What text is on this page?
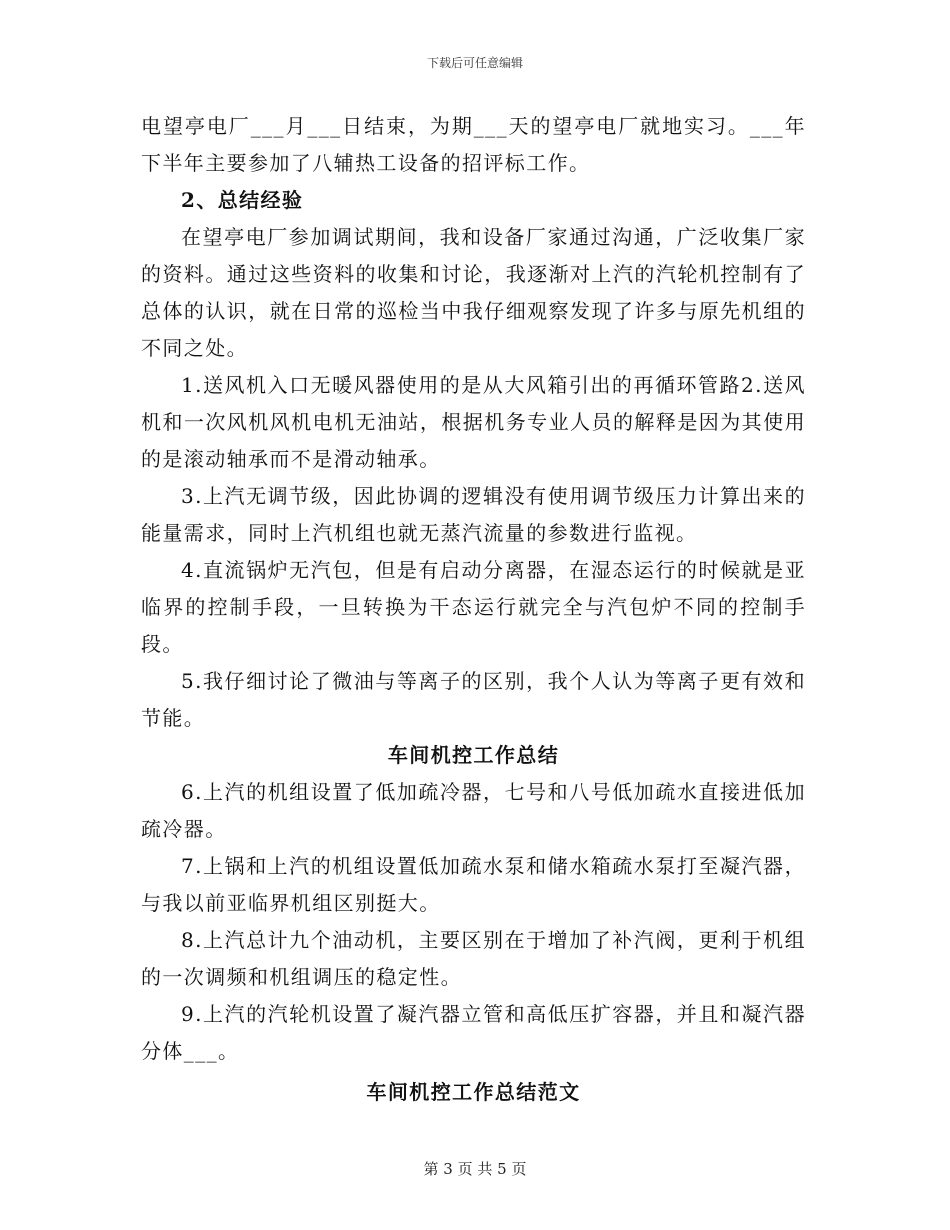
下载后可任意编辑

电望亭电厂___月___日结束，为期___天的望亭电厂就地实习。___年下半年主要参加了八辅热工设备的招评标工作。

2、总结经验

在望亭电厂参加调试期间，我和设备厂家通过沟通，广泛收集厂家的资料。通过这些资料的收集和讨论，我逐渐对上汽的汽轮机控制有了总体的认识，就在日常的巡检当中我仔细观察发现了许多与原先机组的不同之处。

1.送风机入口无暖风器使用的是从大风箱引出的再循环管路2.送风机和一次风机风机电机无油站，根据机务专业人员的解释是因为其使用的是滚动轴承而不是滑动轴承。

3.上汽无调节级，因此协调的逻辑没有使用调节级压力计算出来的能量需求，同时上汽机组也就无蒸汽流量的参数进行监视。

4.直流锅炉无汽包，但是有启动分离器，在湿态运行的时候就是亚临界的控制手段，一旦转换为干态运行就完全与汽包炉不同的控制手段。

5.我仔细讨论了微油与等离子的区别，我个人认为等离子更有效和节能。

车间机控工作总结

6.上汽的机组设置了低加疏冷器，七号和八号低加疏水直接进低加疏冷器。

7.上锅和上汽的机组设置低加疏水泵和储水箱疏水泵打至凝汽器，与我以前亚临界机组区别挺大。

8.上汽总计九个油动机，主要区别在于增加了补汽阀，更利于机组的一次调频和机组调压的稳定性。

9.上汽的汽轮机设置了凝汽器立管和高低压扩容器，并且和凝汽器分体___。

车间机控工作总结范文

第 3 页 共 5 页
